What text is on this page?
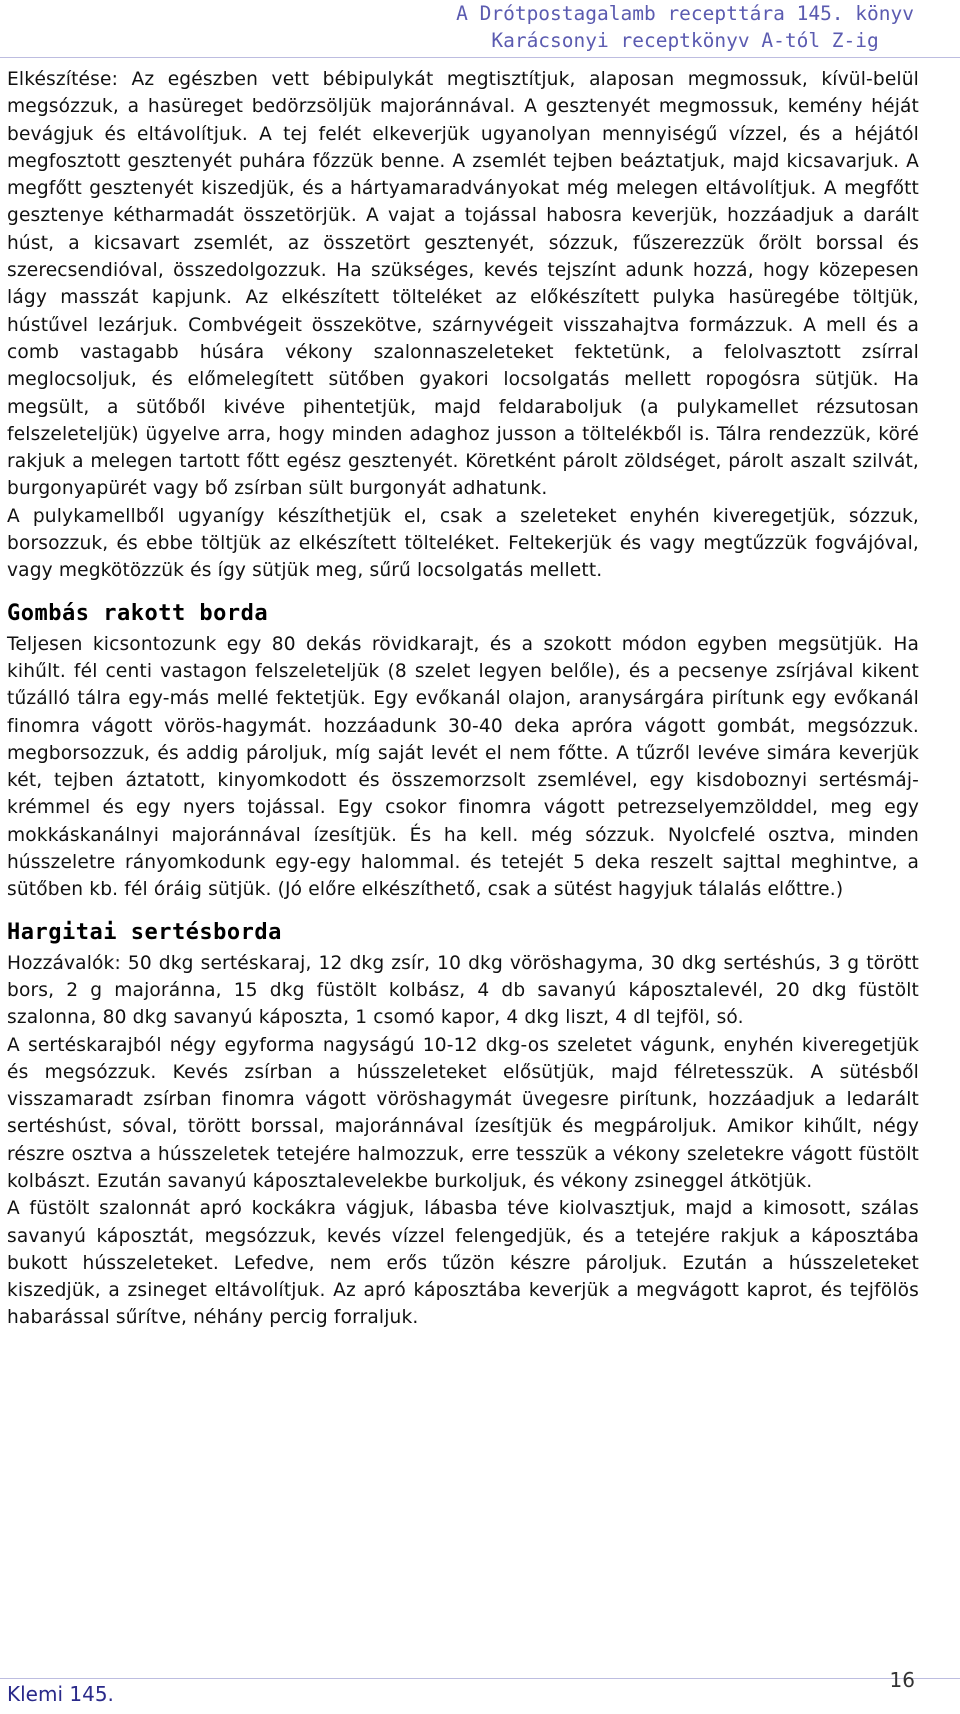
A Drótpostagalamb recepttára 145. könyv
Karácsonyi receptkönyv A-tól Z-ig

Elkészítése: Az egészben vett bébipulykát megtisztítjuk, alaposan megmossuk, kívül-belül megsózzuk, a hasüreget bedörzsöljük majoránnával. A gesztenyét megmossuk, kemény héját bevágjuk és eltávolítjuk. A tej felét elkeverjük ugyanolyan mennyiségű vízzel, és a héjától megfosztott gesztenyét puhára főzzük benne. A zsemlét tejben beáztatjuk, majd kicsavarjuk. A megfőtt gesztenyét kiszedjük, és a hártyamaradványokat még melegen eltávolítjuk. A megfőtt gesztenye kétharmadát összetörjük. A vajat a tojással habosra keverjük, hozzáadjuk a darált húst, a kicsavart zsemlét, az összetört gesztenyét, sózzuk, fűszerezzük őrölt borssal és szerecsendióval, összedolgozzuk. Ha szükséges, kevés tejszínt adunk hozzá, hogy közepesen lágy masszát kapjunk. Az elkészített tölteléket az előkészített pulyka hasüregébe töltjük, hústűvel lezárjuk. Combvégeit összekötve, szárnyvégeit visszahajtva formázzuk. A mell és a comb vastagabb húsára vékony szalonnaszeleteket fektetünk, a felolvasztott zsírral meglocsoljuk, és előmelegített sütőben gyakori locsolgatás mellett ropogósra sütjük. Ha megsült, a sütőből kivéve pihentetjük, majd feldaraboljuk (a pulykamellet rézsutosan felszeleteljük) ügyelve arra, hogy minden adaghoz jusson a töltelékből is. Tálra rendezzük, köré rakjuk a melegen tartott főtt egész gesztenyét. Köretként párolt zöldséget, párolt aszalt szilvát, burgonyapürét vagy bő zsírban sült burgonyát adhatunk.

A pulykamellből ugyanígy készíthetjük el, csak a szeleteket enyhén kiveregetjük, sózzuk, borsozzuk, és ebbe töltjük az elkészített tölteléket. Feltekerjük és vagy megtűzzük fogvájóval, vagy megkötözzük és így sütjük meg, sűrű locsolgatás mellett.

Gombás rakott borda

Teljesen kicsontozunk egy 80 dekás rövidkarajt, és a szokott módon egyben megsütjük. Ha kihűlt. fél centi vastagon felszeleteljük (8 szelet legyen belőle), és a pecsenye zsírjával kikent tűzálló tálra egy-más mellé fektetjük. Egy evőkanál olajon, aranysárgára pirítunk egy evőkanál finomra vágott vörös-hagymát. hozzáadunk 30-40 deka apróra vágott gombát, megsózzuk. megborsozzuk, és addig pároljuk, míg saját levét el nem főtte. A tűzről levéve simára keverjük két, tejben áztatott, kinyomkodott és összemorzsolt zsemlével, egy kisdoboznyi sertésmáj-krémmel és egy nyers tojással. Egy csokor finomra vágott petrezselyemzölddel, meg egy mokkáskanálnyi majoránnával ízesítjük. És ha kell. még sózzuk. Nyolcfelé osztva, minden hússzeletre rányomkodunk egy-egy halommal. és tetejét 5 deka reszelt sajttal meghintve, a sütőben kb. fél óráig sütjük. (Jó előre elkészíthető, csak a sütést hagyjuk tálalás előttre.)

Hargitai sertésborda

Hozzávalók: 50 dkg sertéskaraj, 12 dkg zsír, 10 dkg vöröshagyma, 30 dkg sertéshús, 3 g törött bors, 2 g majoránna, 15 dkg füstölt kolbász, 4 db savanyú káposztalevél, 20 dkg füstölt szalonna, 80 dkg savanyú káposzta, 1 csomó kapor, 4 dkg liszt, 4 dl tejföl, só.

A sertéskarajból négy egyforma nagyságú 10-12 dkg-os szeletet vágunk, enyhén kiveregetjük és megsózzuk. Kevés zsírban a hússzeleteket elősütjük, majd félretesszük. A sütésből visszamaradt zsírban finomra vágott vöröshagymát üvegesre pirítunk, hozzáadjuk a ledarált sertéshúst, sóval, törött borssal, majoránnával ízesítjük és megpároljuk. Amikor kihűlt, négy részre osztva a hússzeletek tetejére halmozzuk, erre tesszük a vékony szeletekre vágott füstölt kolbászt. Ezután savanyú káposztalevelekbe burkoljuk, és vékony zsineggel átkötjük.

A füstölt szalonnát apró kockákra vágjuk, lábasba téve kiolvasztjuk, majd a kimosott, szálas savanyú káposztát, megsózzuk, kevés vízzel felengedjük, és a tetejére rakjuk a káposztába bukott hússzeleteket. Lefedve, nem erős tűzön készre pároljuk. Ezután a hússzeleteket kiszedjük, a zsineget eltávolítjuk. Az apró káposztába keverjük a megvágott kaprot, és tejfölös habarással sűrítve, néhány percig forraljuk.

Klemi 145.
16
